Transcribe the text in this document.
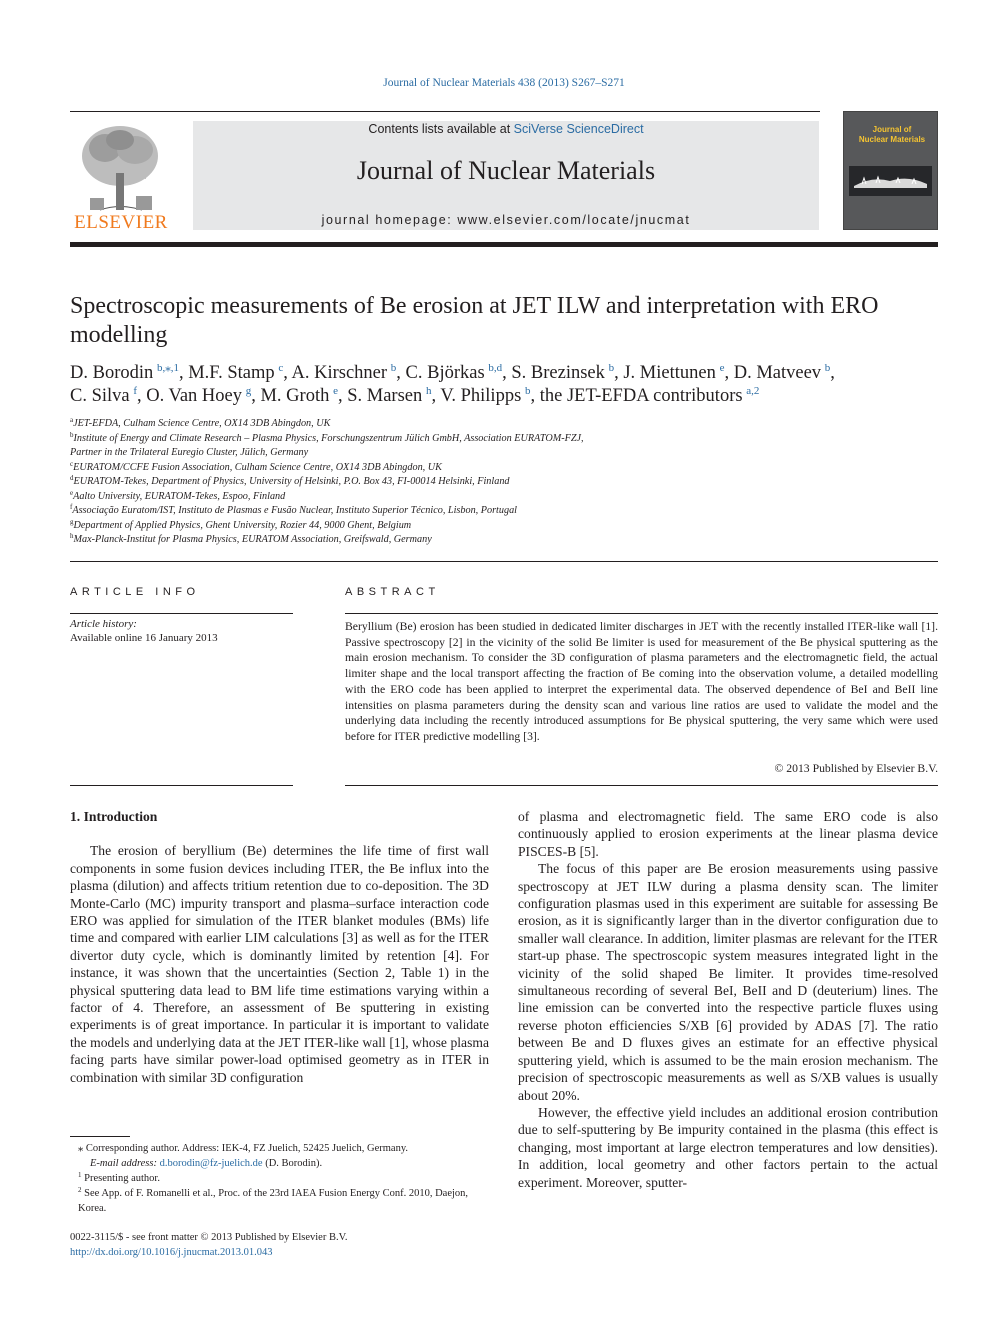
Journal of Nuclear Materials 438 (2013) S267–S271
ELSEVIER
Contents lists available at SciVerse ScienceDirect
Journal of Nuclear Materials
journal homepage: www.elsevier.com/locate/jnucmat
Journal of
Nuclear Materials
Spectroscopic measurements of Be erosion at JET ILW and interpretation with ERO modelling
D. Borodin  $^{b,⁎,1}$, M.F. Stamp  $^c$, A. Kirschner  $^b$, C. Björkas  $^{b,d}$, S. Brezinsek  $^b$, J. Miettunen  $^e$, D. Matveev  $^b$,
C. Silva  $^f$, O. Van Hoey  $^g$, M. Groth  $^e$, S. Marsen  $^h$, V. Philipps  $^b$, the JET-EFDA contributors  $^{a,2}$
$^a$JET-EFDA, Culham Science Centre, OX14 3DB Abingdon, UK
$^b$Institute of Energy and Climate Research – Plasma Physics, Forschungszentrum Jülich GmbH, Association EURATOM-FZJ,
Partner in the Trilateral Euregio Cluster, Jülich, Germany
$^c$EURATOM/CCFE Fusion Association, Culham Science Centre, OX14 3DB Abingdon, UK
$^d$EURATOM-Tekes, Department of Physics, University of Helsinki, P.O. Box 43, FI-00014 Helsinki, Finland
$^e$Aalto University, EURATOM-Tekes, Espoo, Finland
$^f$Associação Euratom/IST, Instituto de Plasmas e Fusão Nuclear, Instituto Superior Técnico, Lisbon, Portugal
$^g$Department of Applied Physics, Ghent University, Rozier 44, 9000 Ghent, Belgium
$^h$Max-Planck-Institut for Plasma Physics, EURATOM Association, Greifswald, Germany
ARTICLE INFO	ABSTRACT
Article history:
Available online 16 January 2013
Beryllium (Be) erosion has been studied in dedicated limiter discharges in JET with the recently installed ITER-like wall [1]. Passive spectroscopy [2] in the vicinity of the solid Be limiter is used for measurement of the Be physical sputtering as the main erosion mechanism. To consider the 3D configuration of plasma parameters and the electromagnetic field, the actual limiter shape and the local transport affecting the fraction of Be coming into the observation volume, a detailed modelling with the ERO code has been applied to interpret the experimental data. The observed dependence of BeI and BeII line intensities on plasma parameters during the density scan and various line ratios are used to validate the model and the underlying data including the recently introduced assumptions for Be physical sputtering, the very same which were used before for ITER predictive modelling [3].
© 2013 Published by Elsevier B.V.
1. Introduction

The erosion of beryllium (Be) determines the life time of first wall components in some fusion devices including ITER, the Be influx into the plasma (dilution) and affects tritium retention due to co-deposition. The 3D Monte-Carlo (MC) impurity transport and plasma–surface interaction code ERO was applied for simulation of the ITER blanket modules (BMs) life time and compared with earlier LIM calculations [3] as well as for the ITER divertor duty cycle, which is dominantly limited by retention [4]. For instance, it was shown that the uncertainties (Section 2, Table 1) in the physical sputtering data lead to BM life time estimations varying within a factor of 4. Therefore, an assessment of Be sputtering in existing experiments is of great importance. In particular it is important to validate the models and underlying data at the JET ITER-like wall [1], whose plasma facing parts have similar power-load optimised geometry as in ITER in combination with similar 3D configuration

of plasma and electromagnetic field. The same ERO code is also continuously applied to erosion experiments at the linear plasma device PISCES-B [5].

The focus of this paper are Be erosion measurements using passive spectroscopy at JET ILW during a plasma density scan. The limiter configuration plasmas used in this experiment are suitable for assessing Be erosion, as it is significantly larger than in the divertor configuration due to smaller wall clearance. In addition, limiter plasmas are relevant for the ITER start-up phase. The spectroscopic system measures integrated light in the vicinity of the solid shaped Be limiter. It provides time-resolved simultaneous recording of several BeI, BeII and D (deuterium) lines. The line emission can be converted into the respective particle fluxes using reverse photon efficiencies S/XB [6] provided by ADAS [7]. The ratio between Be and D fluxes gives an estimate for an effective physical sputtering yield, which is assumed to be the main erosion mechanism. The precision of spectroscopic measurements as well as S/XB values is usually about 20%.

However, the effective yield includes an additional erosion contribution due to self-sputtering by Be impurity contained in the plasma (this effect is changing, most important at large electron temperatures and low densities). In addition, local geometry and other factors pertain to the actual experiment. Moreover, sputter-

⁎ Corresponding author. Address: IEK-4, FZ Juelich, 52425 Juelich, Germany.
E-mail address: d.borodin@fz-juelich.de (D. Borodin).
$^1$ Presenting author.
$^2$ See App. of F. Romanelli et al., Proc. of the 23rd IAEA Fusion Energy Conf. 2010, Daejon, Korea.
0022-3115/$ - see front matter © 2013 Published by Elsevier B.V.
http://dx.doi.org/10.1016/j.jnucmat.2013.01.043
